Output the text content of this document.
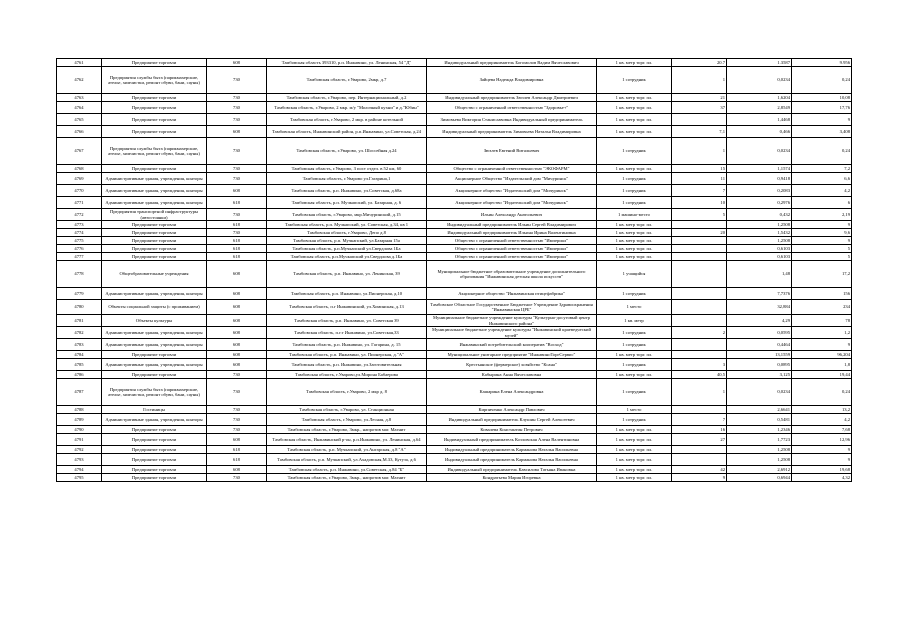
4761	Предприятие торговли	608	Тамбовская область 393310, р.п. Инжавино, ул. Ленинская, 54 "Д"	Индивидуальный предприниматель Богомолов Вадим Вячеславович	1 кв. метр торг. пл.	20.7	1.3587	9.956
4762	Предприятия службы быта (парикмахерские, ателье, химчистки, ремонт обуви, бани, сауны)	730	Тамбовская область, г.Уварово, 2мкр, д.7	Зайцева Надежда Владимировна	1 сотрудник	1	0,0234	0,24
4763	Предприятие торговли	730	Тамбовская область, г.Уварово, пер. Интернациональный, д.2	Индивидуальный предприниматель Зюзлев Александр Дмитриевич	1 кв. метр торг. пл.	21	1,6204	10,08
4764	Предприятие торговли	730	Тамбовская область, г.Уварово, 2 мкр. м/у "Молочный кухни" и д."Юбин"	Общество с ограниченной ответственностью "Здоровье+"	1 кв. метр торг. пл.	37	2,8549	17,76
4765	Предприятие торговли	730	Тамбовская область, г.Уварово, 2 мкр. в районе котельной	Зимовьева Виктория Станиславовна Индивидуальный предприниматель	1 кв. метр торг. пл.		1,4468	9
4766	Предприятие торговли	608	Тамбовская область, Инжавинский район, р.п.Инжавино, ул.Советская, д.24	Индивидуальный предприниматель Зимовьева Наталья Владимировна	1 кв. метр торг. пл.	7,1	0,466	3,408
4767	Предприятия службы быта (парикмахерские, ателье, химчистки, ремонт обуви, бани, сауны)	730	Тамбовская область, г.Уварово, ул. Шоссейная д.24	Зюзлев Евгений Витальевич	1 сотрудник	1	0,0234	0,24
4768	Предприятие торговли	730	Тамбовская область, г.Уварово, 3 пост отдел. в 52 км, 60	Общество с ограниченной ответственностью "ЭКОФАРМ"	1 кв. метр торг. пл.	15	1,1574	7,2
4769	Административные здания, учреждения, конторы	730	Тамбовская область, г.Уварово ул.Гагарина,1	Акционерное Общество "Издательский дом "Мичуринск"	1 сотрудник	11	0,9418	6,6
4770	Административные здания, учреждения, конторы	608	Тамбовская область, р.п. Инжавино, ул.Советская, д.68а	Акционерное общество "Издательский дом "Мичуринск"	1 сотрудник	7	0,2083	4,2
4771	Административные здания, учреждения, конторы	618	Тамбовская область, р.п. Мучкапский, ул. Базарная, д. 6	Акционерное общество "Издательский дом "Мичуринск"	1 сотрудник	10	0,2976	6
4772	Предприятия транспортной инфраструктуры (автостоянки)	730	Тамбовская область, г.Уварово, мкр.Мичуринский, д.15	Ильин Александр Анатольевич	1 машино-место	5	0,432	2,19
4773	Предприятие торговли	618	Тамбовская область, р.п. Мучкапский, ул. Советская, д.34, кв 1	Индивидуальный предприниматель Ильин Сергей Владимирович	1 кв. метр торг. пл.		1,2508	9
4774	Предприятие торговли	730	Тамбовская область, г.Уварово, Депо д.8	Индивидуальный предприниматель Ильина Ирина Валентиновна	1 кв. метр торг. пл.	20	1,5432	9,6
4775	Предприятие торговли	618	Тамбовская область, р.п. Мучкапский, ул.Базарная 15а	Общество с ограниченной ответственностью "Империал"	1 кв. метр торг. пл.		1,2508	9
4776	Предприятие торговли	618	Тамбовская область, р.п.Мучкапский ул.Свердлова 1Ба	Общество с ограниченной ответственностью "Империал"	1 кв. метр торг. пл.		0,6103	5
4777	Предприятие торговли	618	Тамбовская область, р.п.Мучкапский ул.Свердлова д.1Ба	Общество с ограниченной ответственностью "Империал"	1 кв. метр торг. пл.		0,6103	5
4778	Общеобразовательные учреждения	608	Тамбовская область, р.п. Инжавино, ул. Ленинская, 39	Муниципальное бюджетное образовательное учреждение дополнительного образования "Инжавинская детская школа искусств"	1 учащийся		1,48	17,2
4779	Административные здания, учреждения, конторы	608	Тамбовская область, р.п. Инжавино, ул.Пионерская, д.10	Акционерное общество "Инжавинская птицефабрика"	1 сотрудник		7,7376	156
4780	Объекты социальной защиты (с проживанием)	608	Тамбовская область, п.г Инжавинский, ул.Хоминская, д.13	Тамбовское Областное Государственное Бюджетное Учреждение Здравоохранения "Инжавинская ЦРБ"	1 место		32,884	234
4781	Объекты культуры	608	Тамбовская область, р.п. Инжавино, ул. Советская 39	Муниципальное бюджетное учреждение культуры "Культурно-досуговый центр Инжавинского района"	1 кв. метр		4,29	78
4782	Административные здания, учреждения, конторы	608	Тамбовская область, п.г.т Инжавино, ул.Советская,33	Муниципальное бюджетное учреждение культуры "Инжавинский краеведческий музей"	1 сотрудник	2	0,0595	1,2
4783	Административные здания, учреждения, конторы	608	Тамбовская область, р.п. Инжавино, ул. Гагарина, д. 15	Инжавинский потребительский кооператив "Восход"	1 сотрудник		0,4464	9
4784	Предприятие торговли	608	Тамбовская область, р.п. Инжавино, ул. Пионерская, д."А"	Муниципальное унитарное предприятие "ИнжавиноТоргСервис"	1 кв. метр торг. пл.		13,1559	96,204
4785	Административные здания, учреждения, конторы	608	Тамбовская область, р.п. Инжавино, ул.Заготовительная	Крестьянское (фермерское) хозяйство "Ксана"	1 сотрудник	3	0,0895	1,8
4786	Предприятие торговли	730	Тамбовская область, г.Уварово,ул.Мирона Бабаерова	Кабырина Анна Вячеславовна	1 кв. метр торг. пл.	40,5	3,125	19,44
4787	Предприятия службы быта (парикмахерские, ателье, химчистки, ремонт обуви, бани, сауны)	730	Тамбовская область, г.Уварово, 2 мкр д. 8	Кашарина Елена Александровна	1 сотрудник	1	0,0234	0,24
4788	Гостиницы	730	Тамбовская область, г.Уварово, ул. Станционная	Кирпиченко Александр Павлович	1 место		2,6641	13,2
4789	Административные здания, учреждения, конторы	730	Тамбовская область, г.Уварово, ул.Лесная, д.8	Индивидуальный предприниматель Клушин Сергей Алексеевич	1 сотрудник	7	0,5481	4,2
4790	Предприятие торговли	730	Тамбовская область, г.Уварово, 3мкр., напротив маг. Магнит	Ковалева Константин Петрович	1 кв. метр торг. пл.	16	1,2346	7,68
4791	Предприятие торговли	608	Тамбовская область, Инжавинский р-он, р.п.Инжавино, ул. Ленинская, д.64	Индивидуальный предприниматель Козловская Алена Валентиновна	1 кв. метр торг. пл.	27	1,7723	12,96
4792	Предприятие торговли	618	Тамбовская область, р.п. Мучкапский, ул.Ангарская, д.8 "А"	Индивидуальный предприниматель Карманова Наталья Васильевна	1 кв. метр торг. пл.		1,2508	9
4793	Предприятие торговли	618	Тамбовская область, р.п. Мучкапский, ул.Ахадовская,М.33, Кутуза, д.6	Индивидуальный предприниматель Карманова Наталья Васильевна	1 кв. метр торг. пл.		1,2508	9
4794	Предприятие торговли	608	Тамбовская область, р.п. Инжавино, ул.Советская, д.84 "Б"	Индивидуальный предприниматель Кавсилова Татьяна Ивановна	1 кв. метр торг. пл.	42	2,6912	19,68
4795	Предприятие торговли	730	Тамбовская область, г.Уварово, 3мкр., напротив маг. Магнит	Кондратьева Мария Игоревна	1 кв. метр торг. пл.	9	0,6944	4,32
